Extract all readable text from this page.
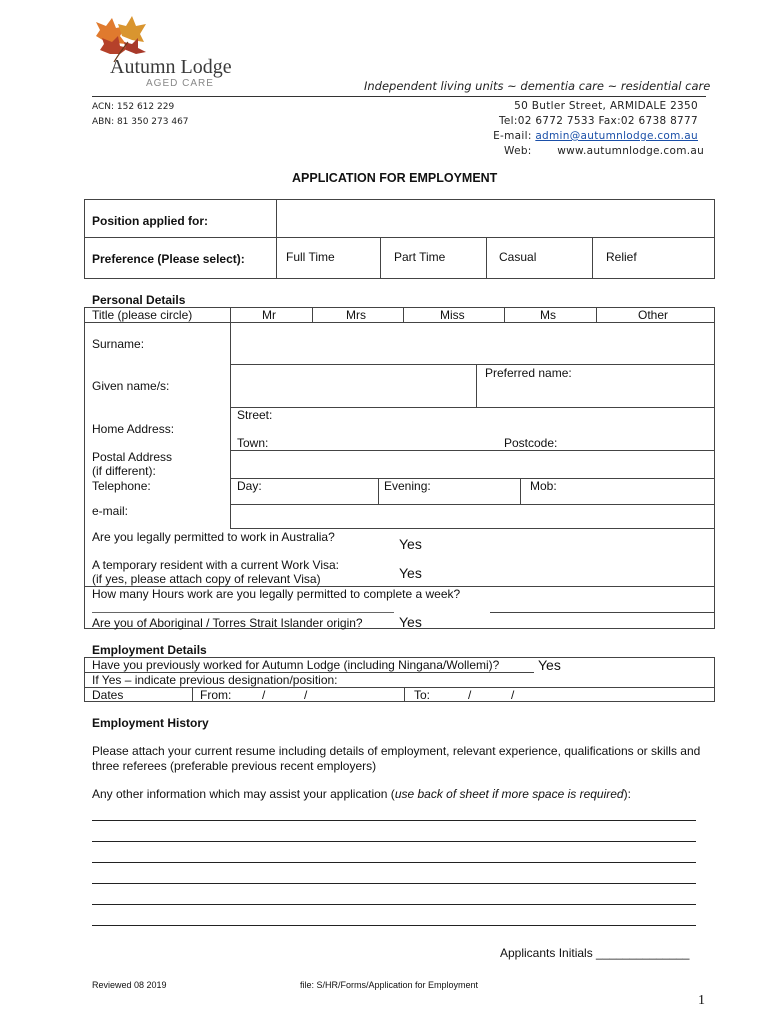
Autumn Lodge
AGED CARE	Independent living units ~ dementia care ~ residential care
ACN: 152 612 229
ABN: 81 350 273 467
50 Butler Street, ARMIDALE 2350
Tel:02 6772 7533 Fax:02 6738 8777
E-mail: admin@autumnlodge.com.au
Web: www.autumnlodge.com.au
APPLICATION FOR EMPLOYMENT
Position applied for:
Preference (Please select):	Full Time	Part Time	Casual	Relief
Personal Details
Title (please circle)	Mr	Mrs	Miss	Ms	Other
Surname:
Given name/s:
Preferred name:
Home Address:
Street:
Town:	Postcode:
Postal Address
(if different):
Telephone:	Day:	Evening:	Mob:
e-mail:
Are you legally permitted to work in Australia?	Yes
A temporary resident with a current Work Visa:
(if yes, please attach copy of relevant Visa)	Yes
How many Hours work are you legally permitted to complete a week?
Are you of Aboriginal / Torres Strait Islander origin?	Yes
Employment Details
Have you previously worked for Autumn Lodge (including Ningana/Wollemi)?	Yes
If Yes – indicate previous designation/position:
Dates	From:	/	/	To:	/	/
Employment History
Please attach your current resume including details of employment, relevant experience, qualifications or skills and three referees (preferable previous recent employers)
Any other information which may assist your application (use back of sheet if more space is required):
Applicants Initials ______________
Reviewed 08 2019	file: S/HR/Forms/Application for Employment
1
